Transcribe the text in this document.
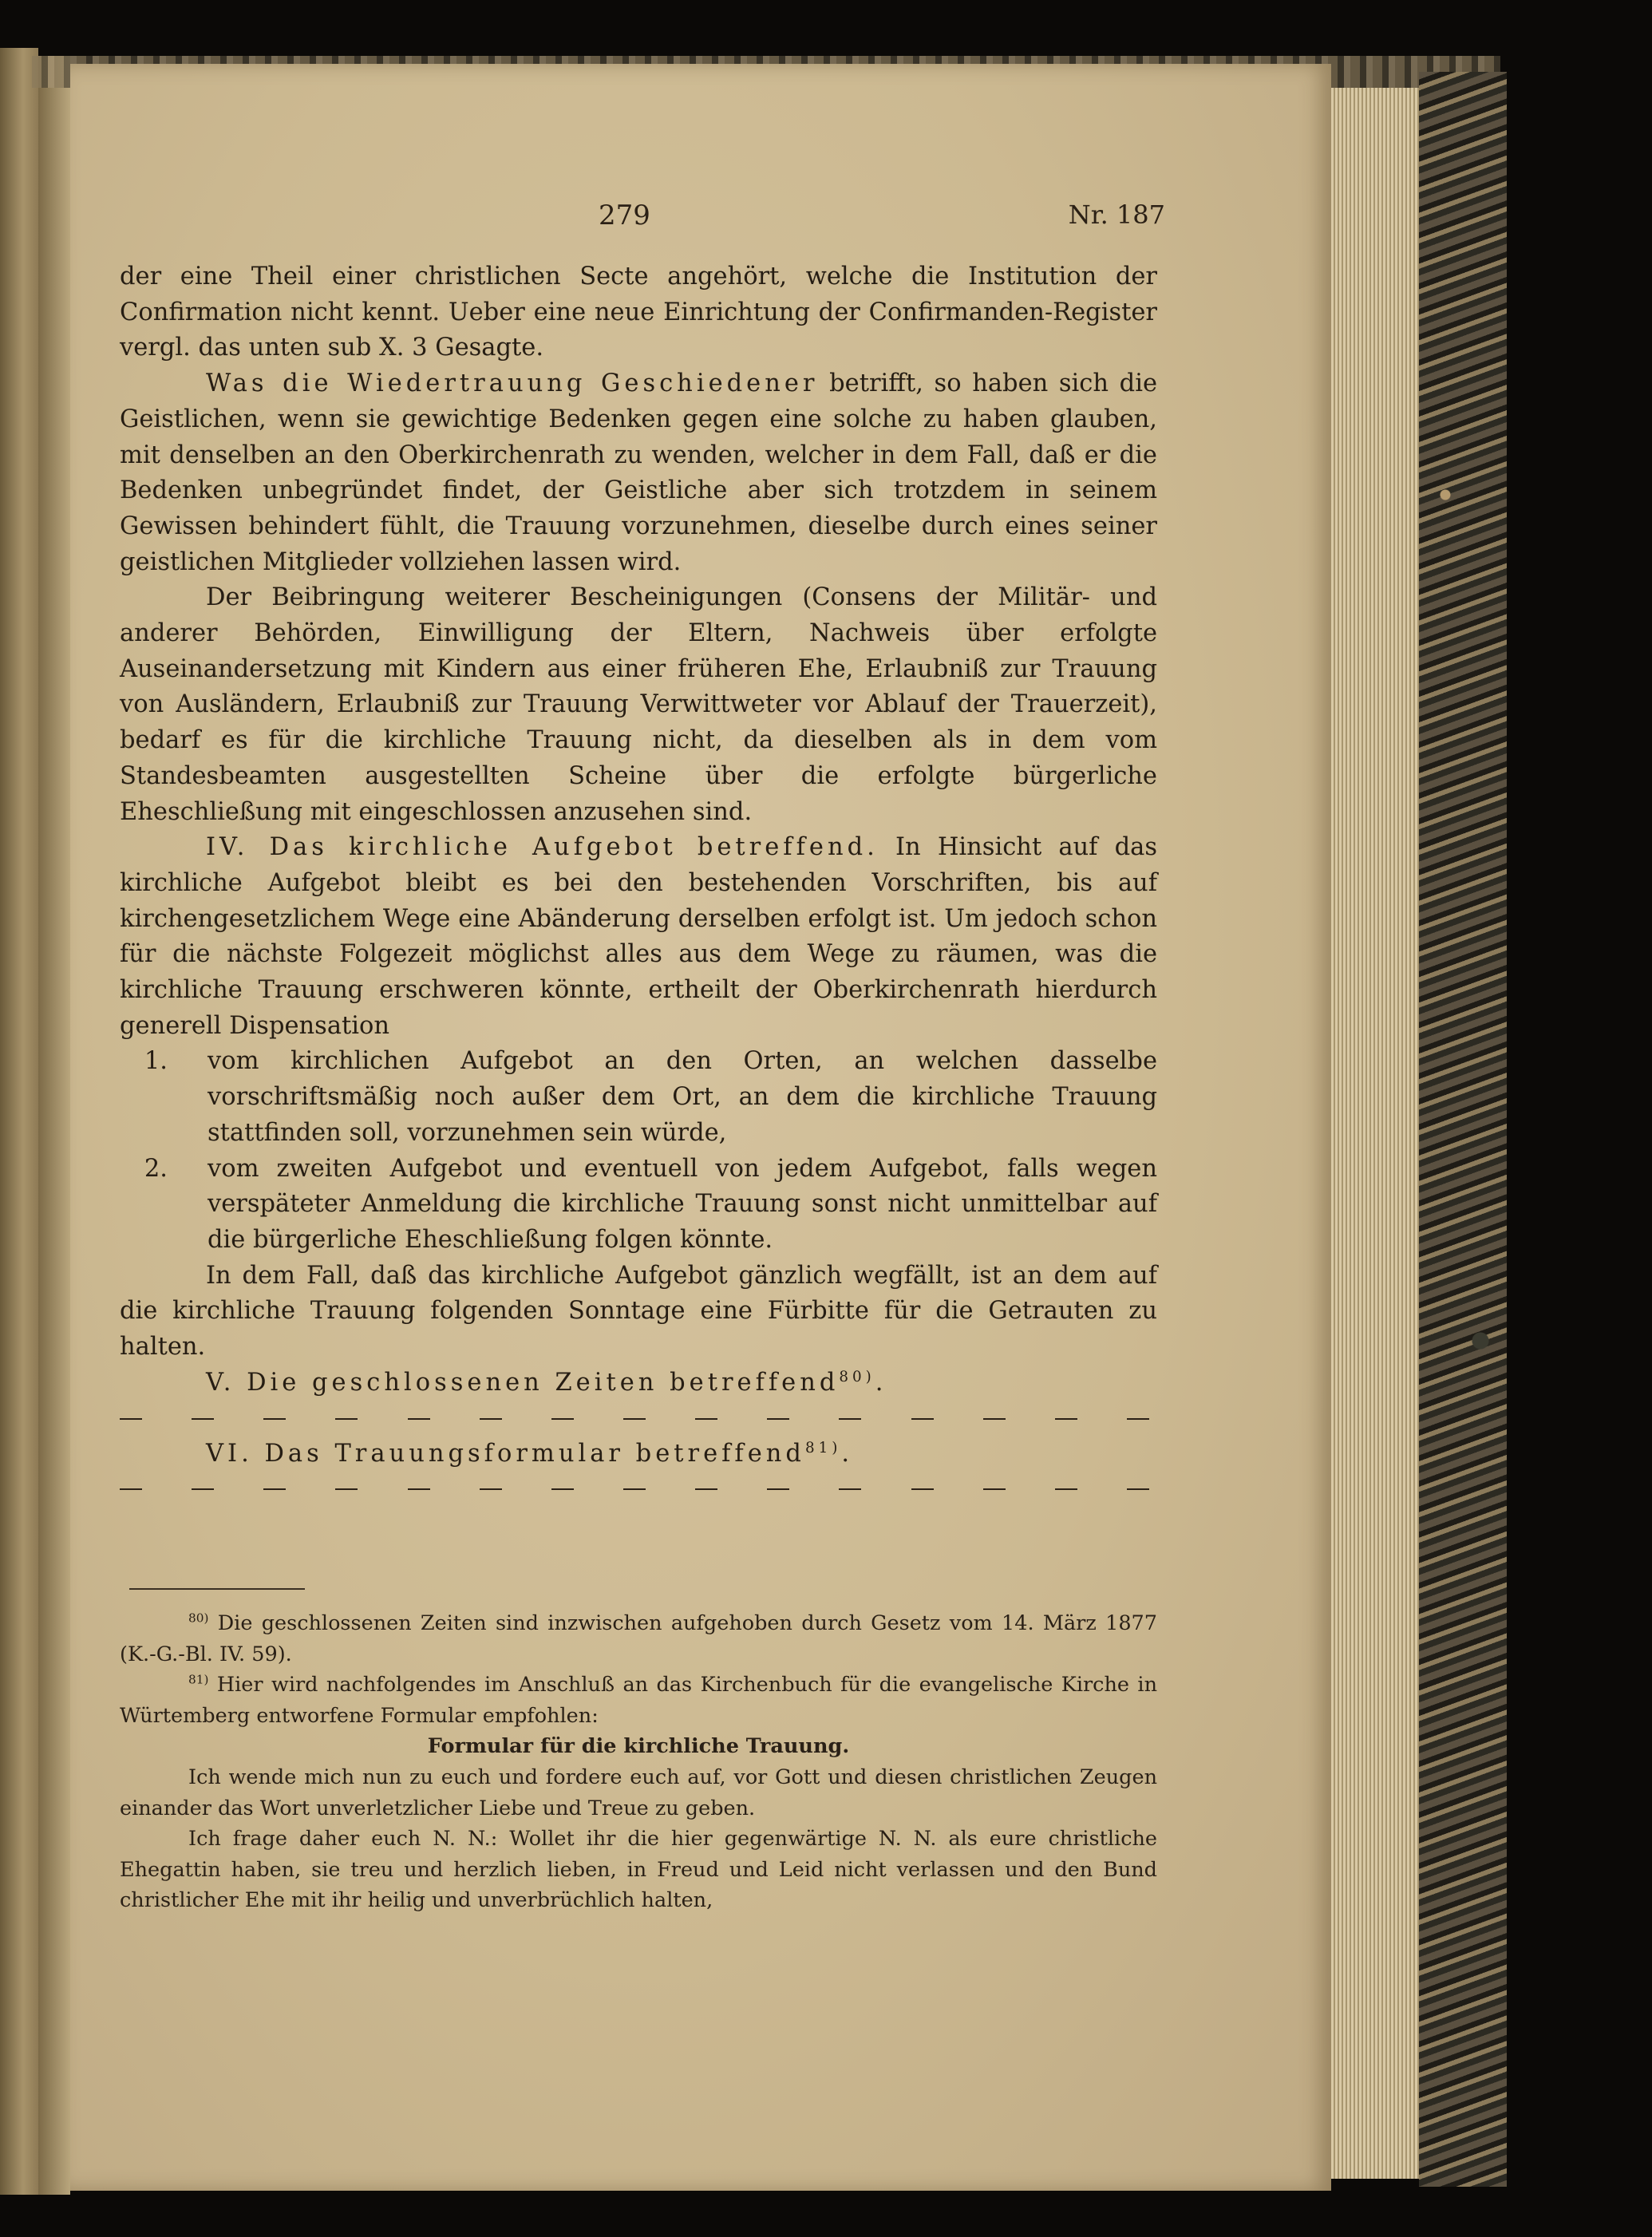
279	Nr. 187

der eine Theil einer christlichen Secte angehört, welche die Institution der Confirmation nicht kennt. Ueber eine neue Einrichtung der Confirmanden-Register vergl. das unten sub X. 3 Gesagte.

Was die Wiedertrauung Geschiedener betrifft, so haben sich die Geistlichen, wenn sie gewichtige Bedenken gegen eine solche zu haben glauben, mit denselben an den Oberkirchenrath zu wenden, welcher in dem Fall, daß er die Bedenken unbegründet findet, der Geistliche aber sich trotzdem in seinem Gewissen behindert fühlt, die Trauung vorzunehmen, dieselbe durch eines seiner geistlichen Mitglieder vollziehen lassen wird.

Der Beibringung weiterer Bescheinigungen (Consens der Militär- und anderer Behörden, Einwilligung der Eltern, Nachweis über erfolgte Auseinandersetzung mit Kindern aus einer früheren Ehe, Erlaubniß zur Trauung von Ausländern, Erlaubniß zur Trauung Verwittweter vor Ablauf der Trauerzeit), bedarf es für die kirchliche Trauung nicht, da dieselben als in dem vom Standesbeamten ausgestellten Scheine über die erfolgte bürgerliche Eheschließung mit eingeschlossen anzusehen sind.

IV. Das kirchliche Aufgebot betreffend. In Hinsicht auf das kirchliche Aufgebot bleibt es bei den bestehenden Vorschriften, bis auf kirchengesetzlichem Wege eine Abänderung derselben erfolgt ist. Um jedoch schon für die nächste Folgezeit möglichst alles aus dem Wege zu räumen, was die kirchliche Trauung erschweren könnte, ertheilt der Oberkirchenrath hierdurch generell Dispensation

1. vom kirchlichen Aufgebot an den Orten, an welchen dasselbe vorschriftsmäßig noch außer dem Ort, an dem die kirchliche Trauung stattfinden soll, vorzunehmen sein würde,
2. vom zweiten Aufgebot und eventuell von jedem Aufgebot, falls wegen verspäteter Anmeldung die kirchliche Trauung sonst nicht unmittelbar auf die bürgerliche Eheschließung folgen könnte.

In dem Fall, daß das kirchliche Aufgebot gänzlich wegfällt, ist an dem auf die kirchliche Trauung folgenden Sonntage eine Fürbitte für die Getrauten zu halten.

V. Die geschlossenen Zeiten betreffend$^{80)}$.

VI. Das Trauungsformular betreffend$^{81)}$.

$^{80)}$ Die geschlossenen Zeiten sind inzwischen aufgehoben durch Gesetz vom 14. März 1877 (K.-G.-Bl. IV. 59).

$^{81)}$ Hier wird nachfolgendes im Anschluß an das Kirchenbuch für die evangelische Kirche in Würtemberg entworfene Formular empfohlen:

Formular für die kirchliche Trauung.

Ich wende mich nun zu euch und fordere euch auf, vor Gott und diesen christlichen Zeugen einander das Wort unverletzlicher Liebe und Treue zu geben.

Ich frage daher euch N. N.: Wollet ihr die hier gegenwärtige N. N. als eure christliche Ehegattin haben, sie treu und herzlich lieben, in Freud und Leid nicht verlassen und den Bund christlicher Ehe mit ihr heilig und unverbrüchlich halten,
